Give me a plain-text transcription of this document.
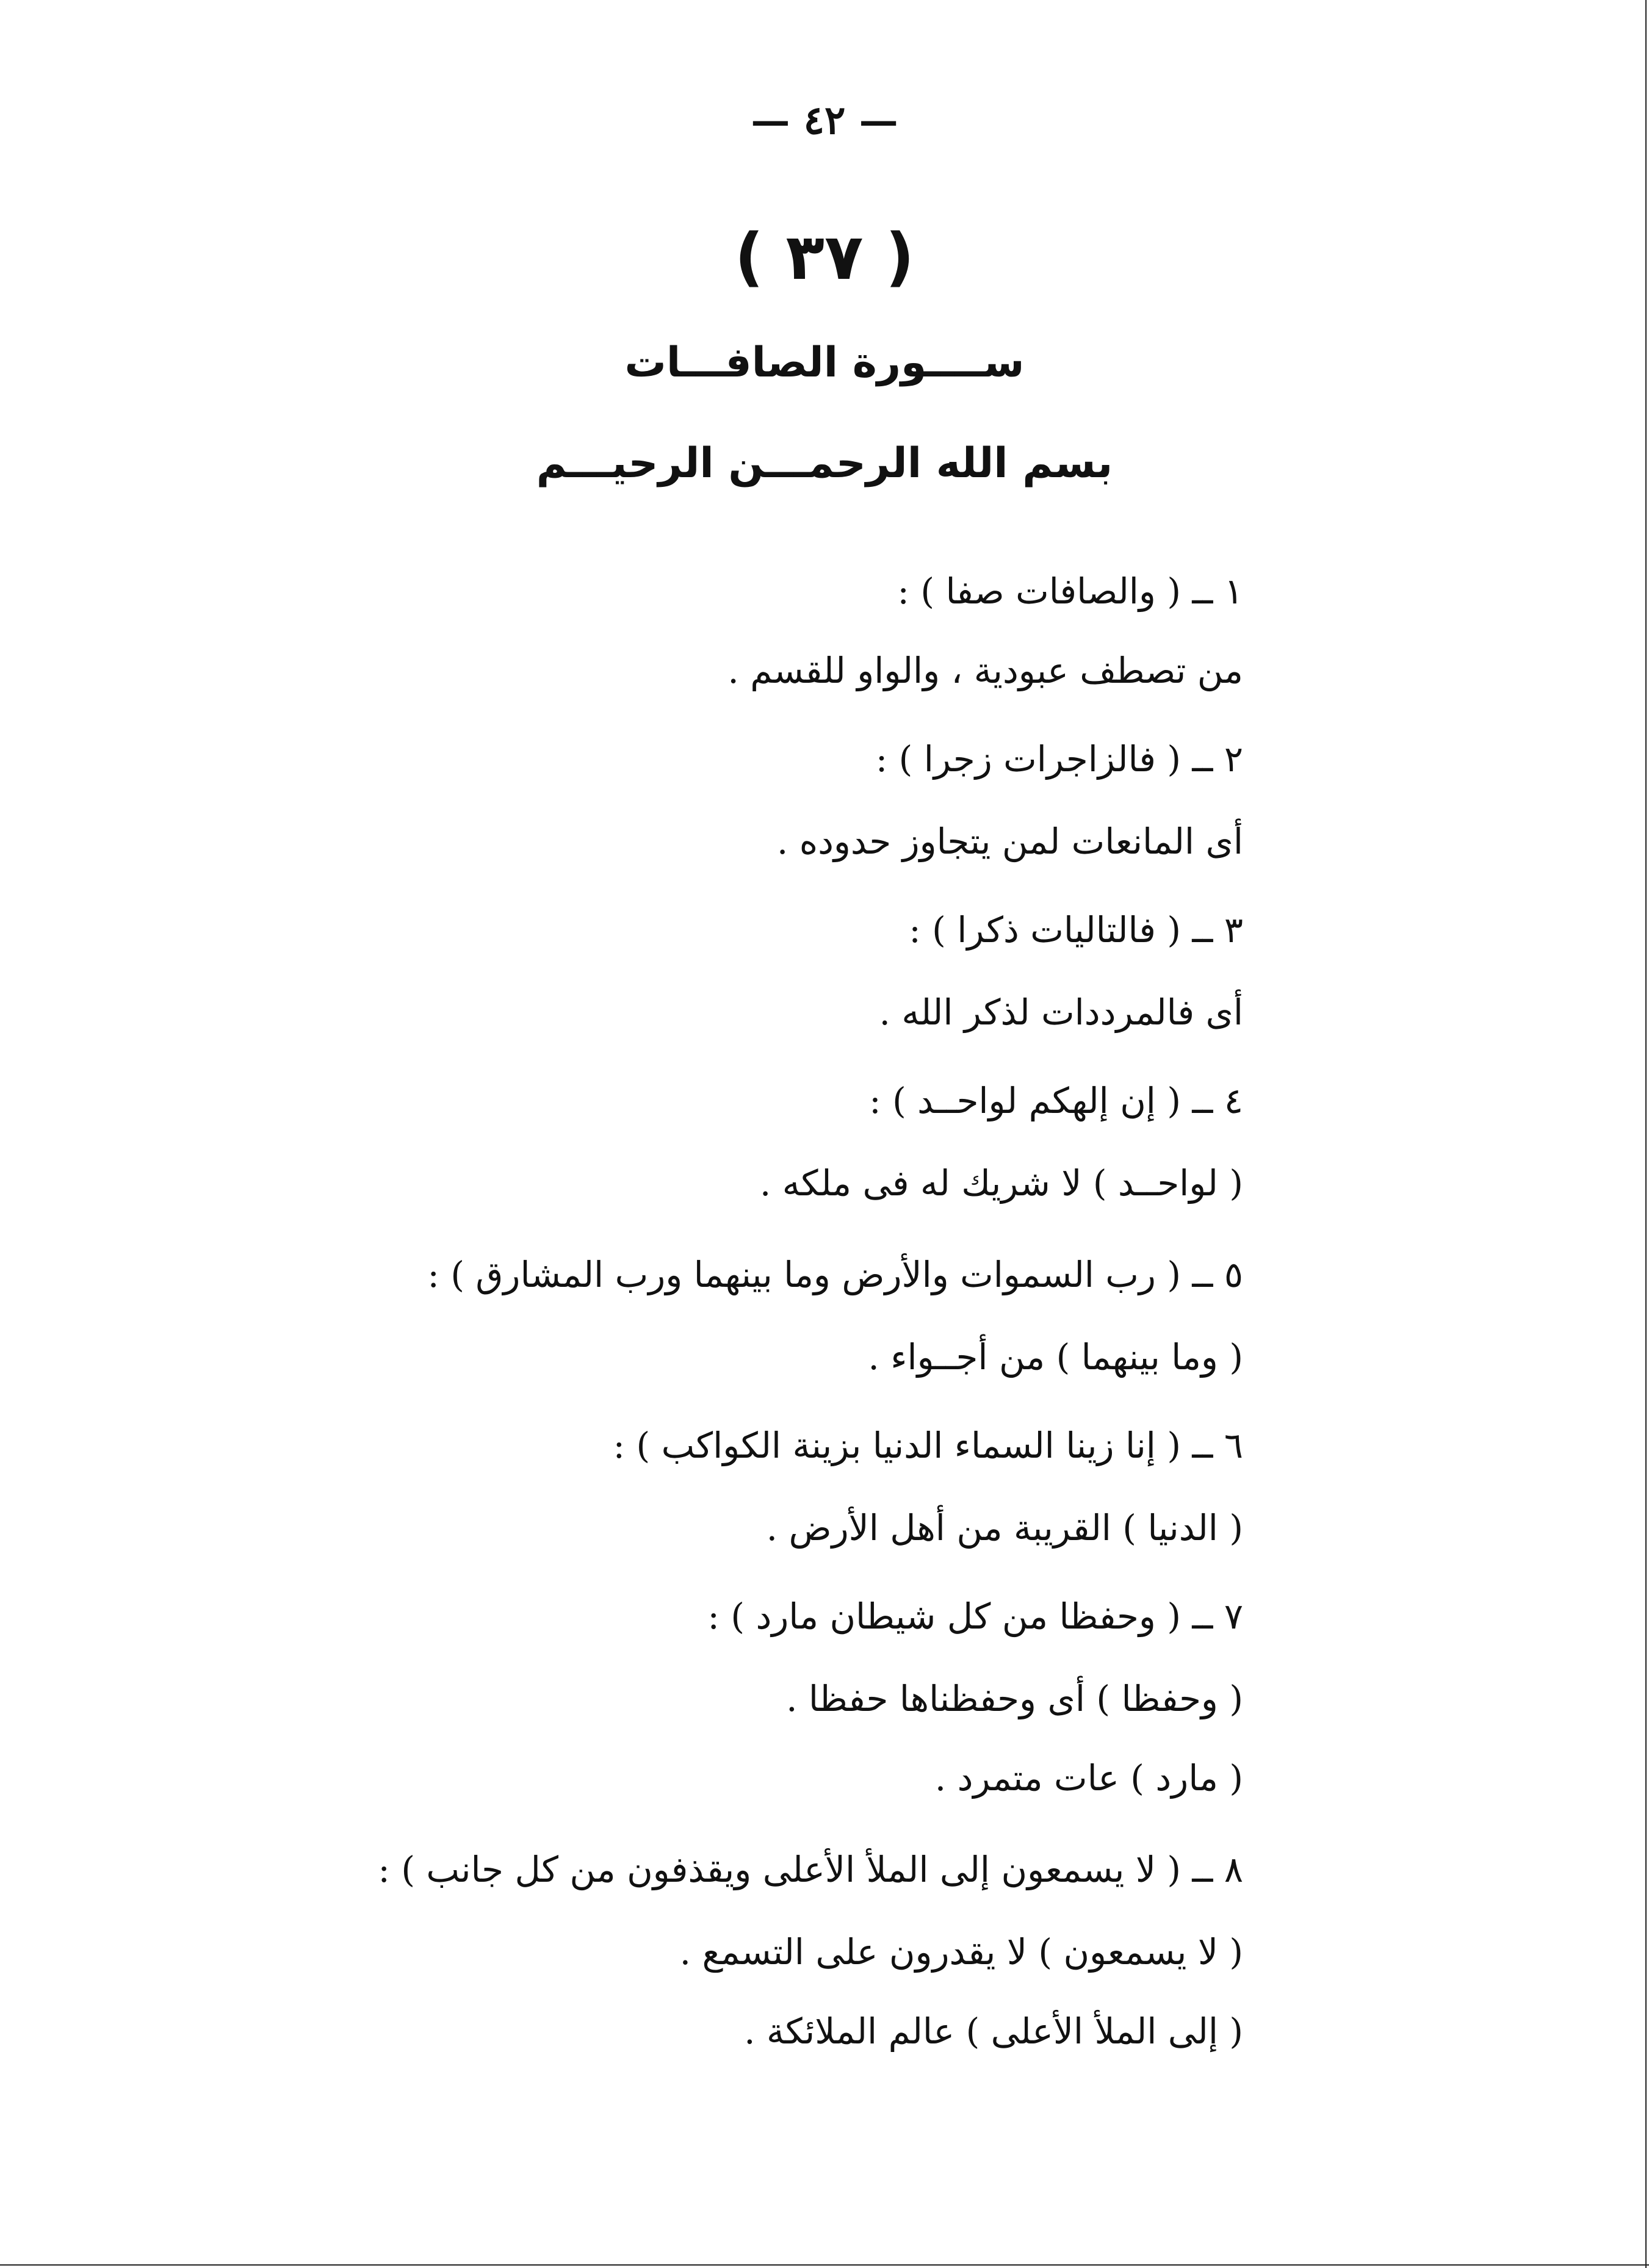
— ٤٢ —
( ٣٧ )
ســــورة الصافـــات
بسم الله الرحمـــن الرحيـــم
١ ــ ( والصافات صفا ) :
من تصطف عبودية ، والواو للقسم .
٢ ــ ( فالزاجرات زجرا ) :
أى المانعات لمن يتجاوز حدوده .
٣ ــ ( فالتاليات ذكرا ) :
أى فالمرددات لذكر الله .
٤ ــ ( إن إلهكم لواحــد ) :
( لواحــد ) لا شريك له فى ملكه .
٥ ــ ( رب السموات والأرض وما بينهما ورب المشارق ) :
( وما بينهما ) من أجــواء .
٦ ــ ( إنا زينا السماء الدنيا بزينة الكواكب ) :
( الدنيا ) القريبة من أهل الأرض .
٧ ــ ( وحفظا من كل شيطان مارد ) :
( وحفظا ) أى وحفظناها حفظا .
( مارد ) عات متمرد .
٨ ــ ( لا يسمعون إلى الملأ الأعلى ويقذفون من كل جانب ) :
( لا يسمعون ) لا يقدرون على التسمع .
( إلى الملأ الأعلى ) عالم الملائكة .
